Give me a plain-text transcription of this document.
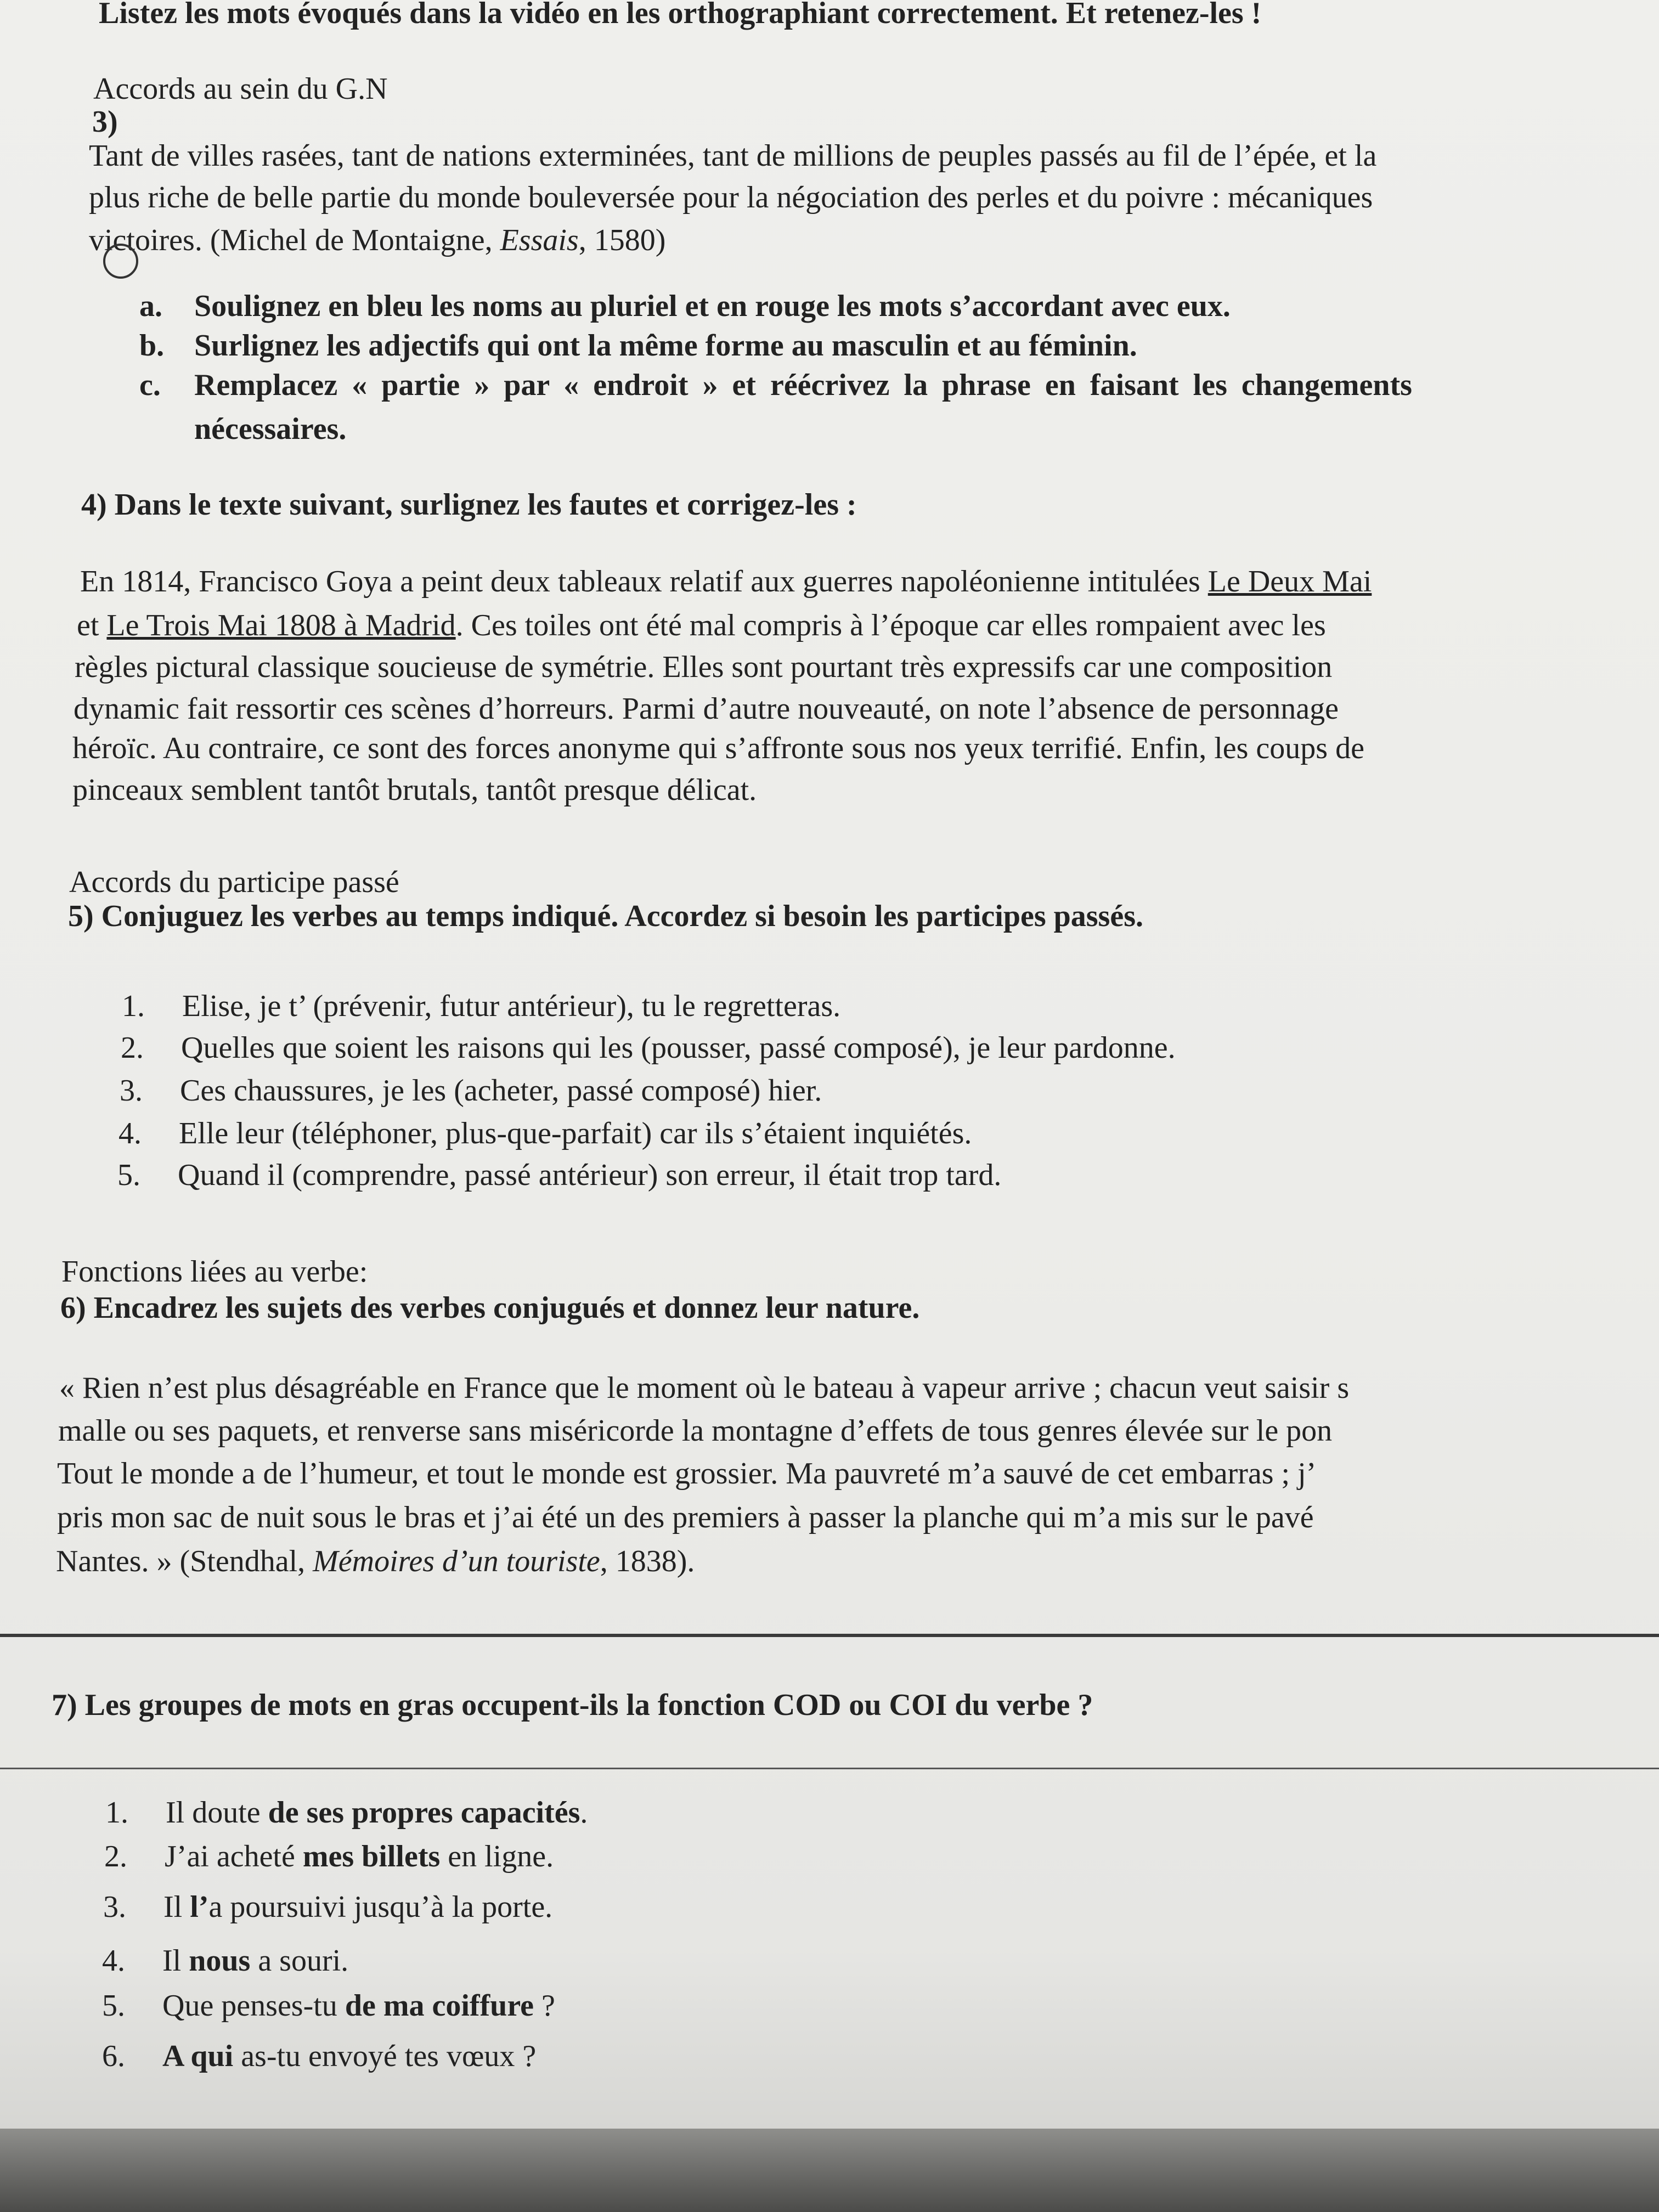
Listez les mots évoqués dans la vidéo en les orthographiant correctement. Et retenez-les !
Accords au sein du G.N
3)
Tant de villes rasées, tant de nations exterminées, tant de millions de peuples passés au fil de l’épée, et la
plus riche de belle partie du monde bouleversée pour la négociation des perles et du poivre : mécaniques
victoires. (Michel de Montaigne, Essais, 1580)
a. Soulignez en bleu les noms au pluriel et en rouge les mots s’accordant avec eux.
b. Surlignez les adjectifs qui ont la même forme au masculin et au féminin.
c. Remplacez « partie » par « endroit » et réécrivez la phrase en faisant les changements
nécessaires.
4) Dans le texte suivant, surlignez les fautes et corrigez-les :
En 1814, Francisco Goya a peint deux tableaux relatif aux guerres napoléonienne intitulées Le Deux Mai
et Le Trois Mai 1808 à Madrid. Ces toiles ont été mal compris à l’époque car elles rompaient avec les
règles pictural classique soucieuse de symétrie. Elles sont pourtant très expressifs car une composition
dynamic fait ressortir ces scènes d’horreurs. Parmi d’autre nouveauté, on note l’absence de personnage
héroïc. Au contraire, ce sont des forces anonyme qui s’affronte sous nos yeux terrifié. Enfin, les coups de
pinceaux semblent tantôt brutals, tantôt presque délicat.
Accords du participe passé
5) Conjuguez les verbes au temps indiqué. Accordez si besoin les participes passés.
1. Elise, je t’ (prévenir, futur antérieur), tu le regretteras.
2. Quelles que soient les raisons qui les (pousser, passé composé), je leur pardonne.
3. Ces chaussures, je les (acheter, passé composé) hier.
4. Elle leur (téléphoner, plus-que-parfait) car ils s’étaient inquiétés.
5. Quand il (comprendre, passé antérieur) son erreur, il était trop tard.
Fonctions liées au verbe:
6) Encadrez les sujets des verbes conjugués et donnez leur nature.
« Rien n’est plus désagréable en France que le moment où le bateau à vapeur arrive ; chacun veut saisir s
malle ou ses paquets, et renverse sans miséricorde la montagne d’effets de tous genres élevée sur le pon
Tout le monde a de l’humeur, et tout le monde est grossier. Ma pauvreté m’a sauvé de cet embarras ; j’
pris mon sac de nuit sous le bras et j’ai été un des premiers à passer la planche qui m’a mis sur le pavé
Nantes. » (Stendhal, Mémoires d’un touriste, 1838).
7) Les groupes de mots en gras occupent-ils la fonction COD ou COI du verbe ?
1. Il doute de ses propres capacités.
2. J’ai acheté mes billets en ligne.
3. Il l’a poursuivi jusqu’à la porte.
4. Il nous a souri.
5. Que penses-tu de ma coiffure ?
6. A qui as-tu envoyé tes vœux ?
